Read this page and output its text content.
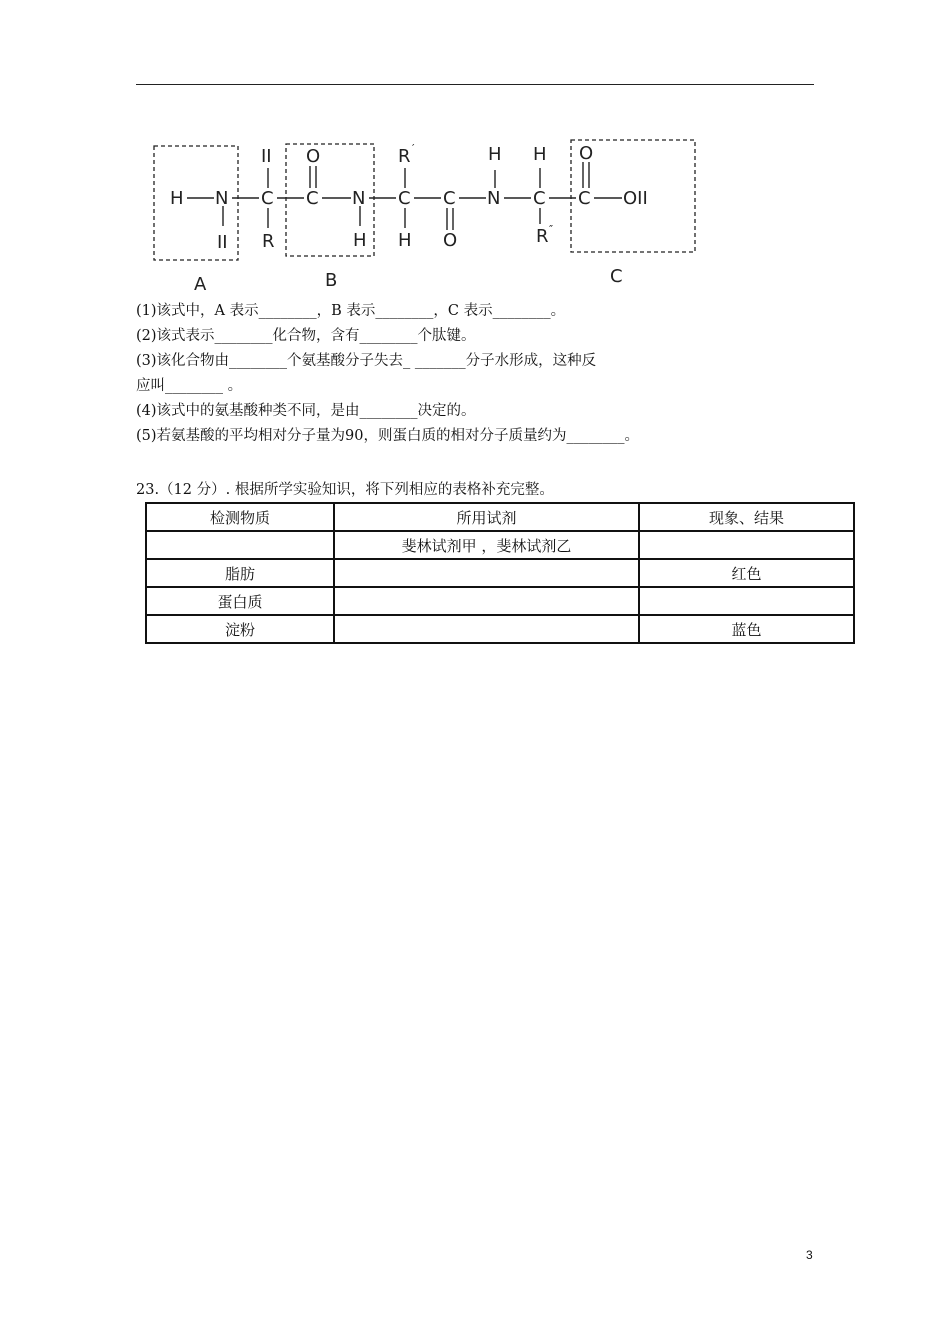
H N
II
II
C
R
O
C N
H
R ′
C
H
C
O
H
N
H
C
R ″
O
C OII
A	B	C
(1)该式中，A 表示________，B 表示________，C 表示________。
(2)该式表示________化合物，含有________个肽键。
(3)该化合物由________个氨基酸分子失去_ _______分子水形成，这种反
应叫________ 。
(4)该式中的氨基酸种类不同，是由________决定的。
(5)若氨基酸的平均相对分子量为90，则蛋白质的相对分子质量约为________。
23.（12 分）. 根据所学实验知识，将下列相应的表格补充完整。
检测物质	所用试剂	现象、结果
	斐林试剂甲 ，斐林试剂乙	
脂肪		红色
蛋白质		
淀粉		蓝色
3
